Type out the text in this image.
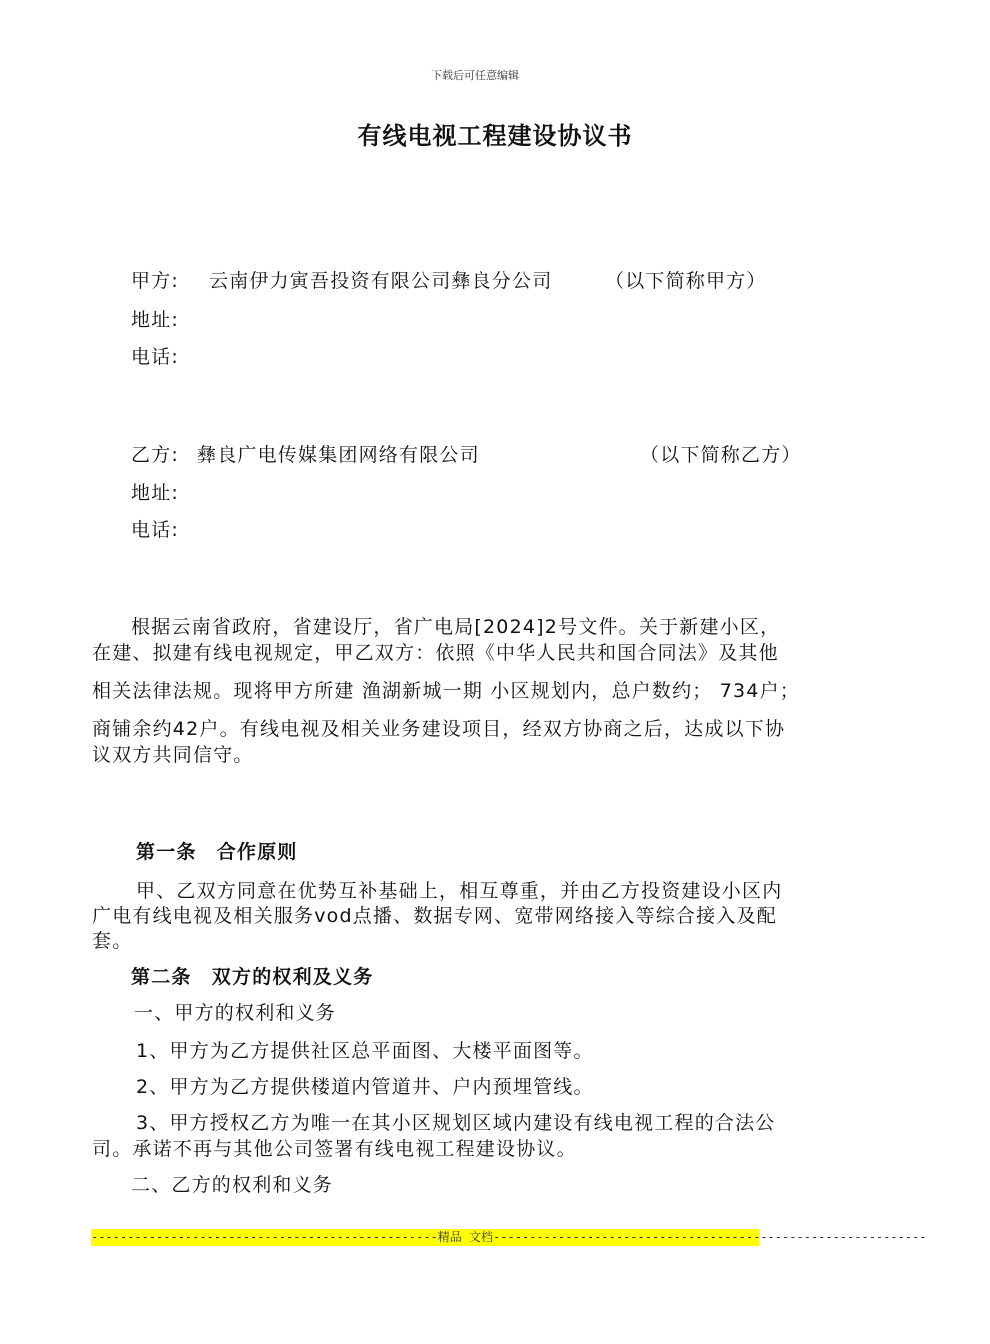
下载后可任意编辑
有线电视工程建设协议书
甲方: 云南伊力寅吾投资有限公司彝良分公司	（以下简称甲方）
地址:
电话:
乙方: 彝良广电传媒集团网络有限公司	（以下简称乙方）
地址:
电话:
根据云南省政府，省建设厅，省广电局[2024]2号文件。关于新建小区，
在建、拟建有线电视规定，甲乙双方：依照《中华人民共和国合同法》及其他
相关法律法规。现将甲方所建 渔湖新城一期 小区规划内，总户数约； 734户；
商铺余约42户。有线电视及相关业务建设项目，经双方协商之后，达成以下协
议双方共同信守。
第一条　合作原则
甲、乙双方同意在优势互补基础上，相互尊重，并由乙方投资建设小区内
广电有线电视及相关服务vod点播、数据专网、宽带网络接入等综合接入及配
套。
第二条　双方的权利及义务
一、甲方的权利和义务
1、甲方为乙方提供社区总平面图、大楼平面图等。
2、甲方为乙方提供楼道内管道井、户内预埋管线。
3、甲方授权乙方为唯一在其小区规划区域内建设有线电视工程的合法公
司。承诺不再与其他公司签署有线电视工程建设协议。
二、乙方的权利和义务
------------------------------------------------精品 文档------------------------------------------------------------
